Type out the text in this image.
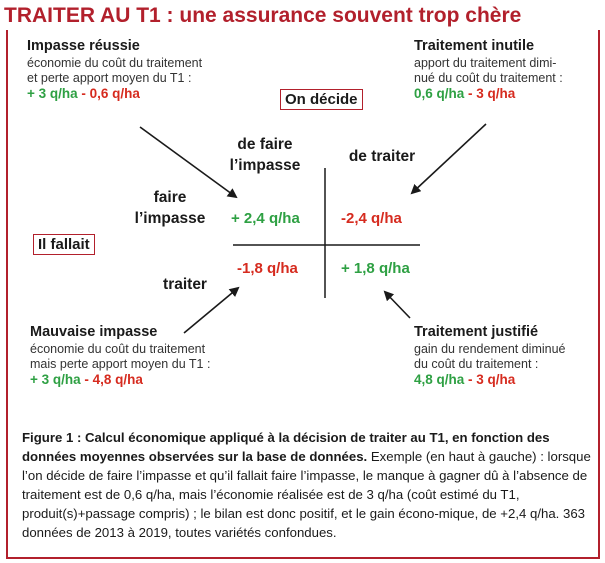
TRAITER AU T1 : une assurance souvent trop chère
Impasse réussie
économie du coût du traitement
et perte apport moyen du T1 :
+ 3 q/ha - 0,6 q/ha
Traitement inutile
apport du traitement dimi-
nué du coût du traitement :
0,6 q/ha - 3 q/ha
Mauvaise impasse
économie du coût du traitement
mais perte apport moyen du T1 :
+ 3 q/ha - 4,8 q/ha
Traitement justifié
gain du rendement diminué
du coût du traitement :
4,8 q/ha - 3 q/ha
On décide
Il fallait
de faire
l’impasse
de traiter
faire
l’impasse
traiter
+ 2,4 q/ha	-2,4 q/ha
-1,8 q/ha	+ 1,8 q/ha
Figure 1 : Calcul économique appliqué à la décision de traiter au T1, en fonction des données moyennes observées sur la base de données. Exemple (en haut à gauche) : lorsque l’on décide de faire l’impasse et qu’il fallait faire l’impasse, le manque à gagner dû à l’absence de traitement est de 0,6 q/ha, mais l’économie réalisée est de 3 q/ha (coût estimé du T1, produit(s)+passage compris) ; le bilan est donc positif, et le gain écono-mique, de +2,4 q/ha. 363 données de 2013 à 2019, toutes variétés confondues.
